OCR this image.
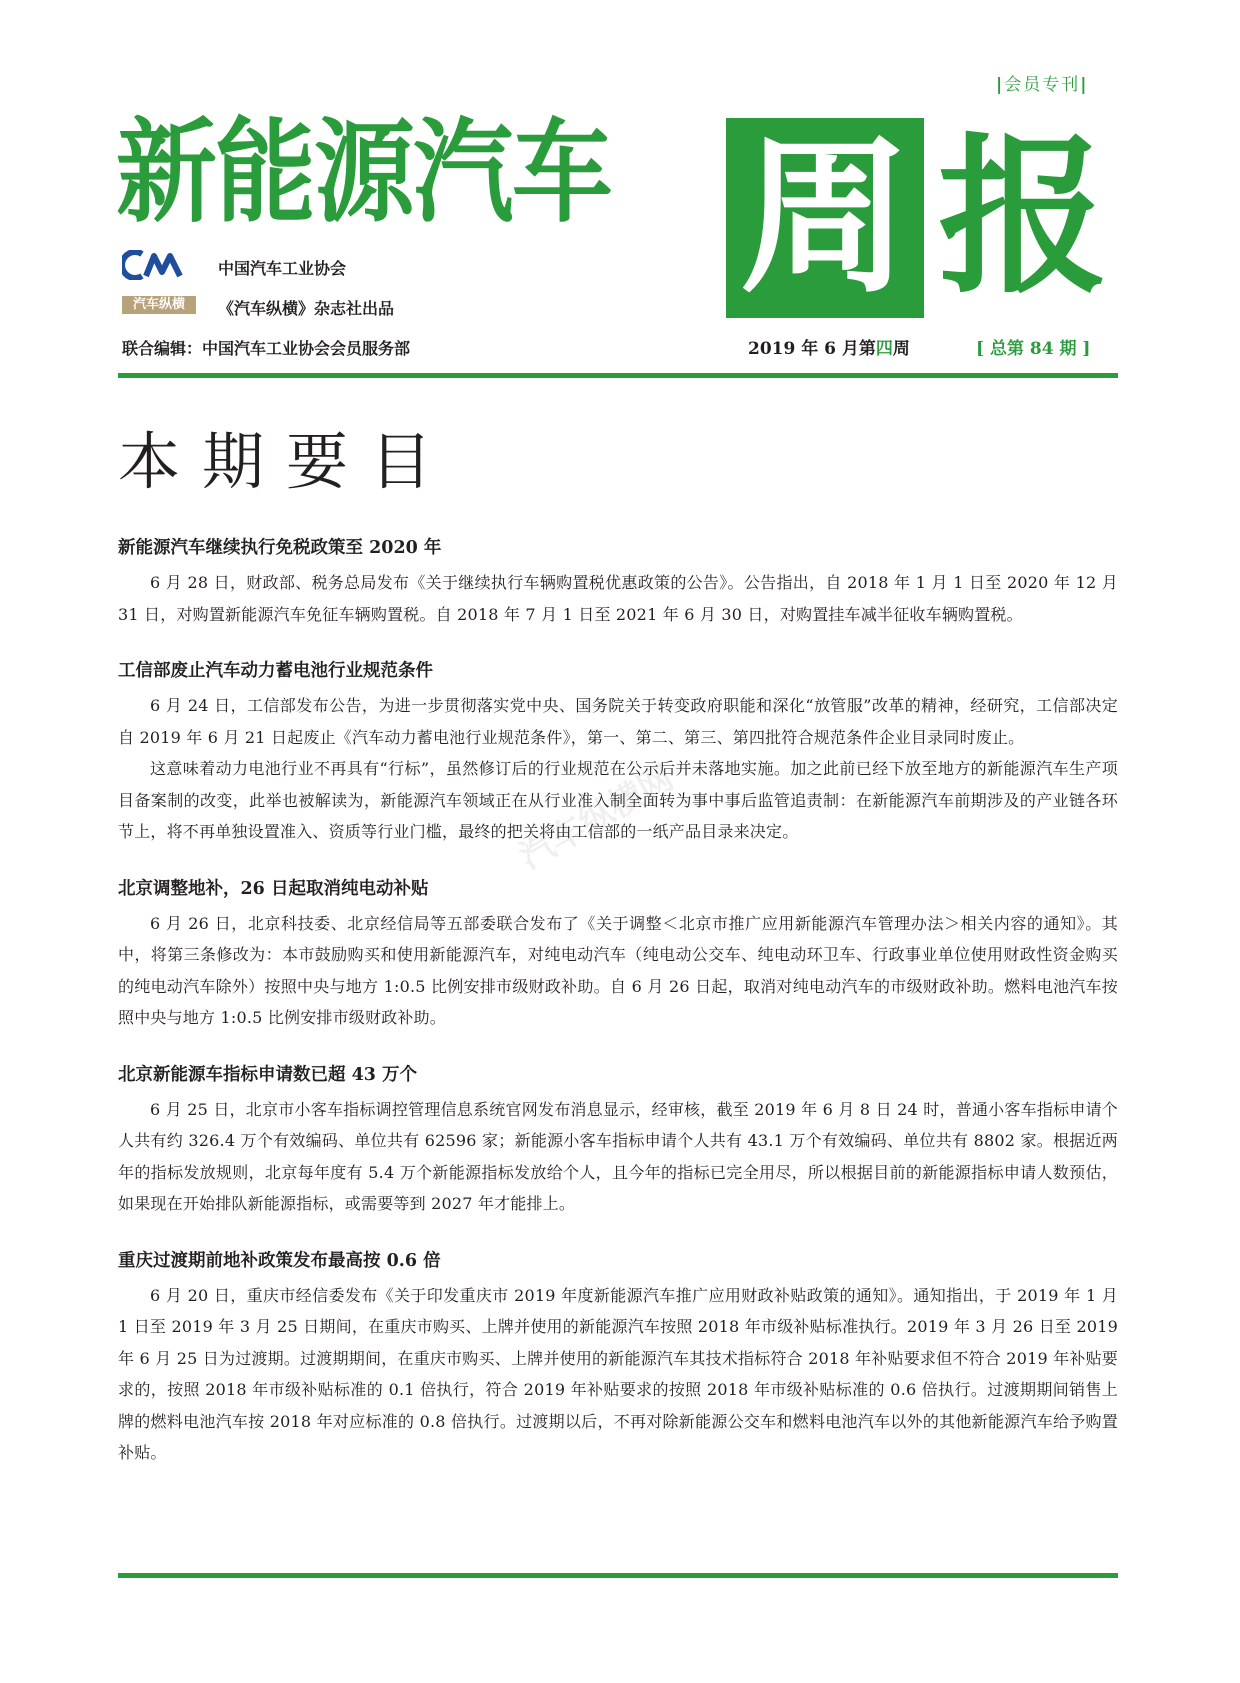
|会员专刊|
新能源汽车 周 报
CM
中国汽车工业协会
汽车纵横	《汽车纵横》杂志社出品
联合编辑：中国汽车工业协会会员服务部	2019 年 6 月第四周	[ 总第 84 期 ]
本期要目
汽车纵横网
新能源汽车继续执行免税政策至 2020 年

6 月 28 日，财政部、税务总局发布《关于继续执行车辆购置税优惠政策的公告》。公告指出，自 2018 年 1 月 1 日至 2020 年 12 月 31 日，对购置新能源汽车免征车辆购置税。自 2018 年 7 月 1 日至 2021 年 6 月 30 日，对购置挂车减半征收车辆购置税。

工信部废止汽车动力蓄电池行业规范条件

6 月 24 日，工信部发布公告，为进一步贯彻落实党中央、国务院关于转变政府职能和深化“放管服”改革的精神，经研究，工信部决定自 2019 年 6 月 21 日起废止《汽车动力蓄电池行业规范条件》，第一、第二、第三、第四批符合规范条件企业目录同时废止。

这意味着动力电池行业不再具有“行标”，虽然修订后的行业规范在公示后并未落地实施。加之此前已经下放至地方的新能源汽车生产项目备案制的改变，此举也被解读为，新能源汽车领域正在从行业准入制全面转为事中事后监管追责制：在新能源汽车前期涉及的产业链各环节上，将不再单独设置准入、资质等行业门槛，最终的把关将由工信部的一纸产品目录来决定。

北京调整地补，26 日起取消纯电动补贴

6 月 26 日，北京科技委、北京经信局等五部委联合发布了《关于调整＜北京市推广应用新能源汽车管理办法＞相关内容的通知》。其中，将第三条修改为：本市鼓励购买和使用新能源汽车，对纯电动汽车（纯电动公交车、纯电动环卫车、行政事业单位使用财政性资金购买的纯电动汽车除外）按照中央与地方 1:0.5 比例安排市级财政补助。自 6 月 26 日起，取消对纯电动汽车的市级财政补助。燃料电池汽车按照中央与地方 1:0.5 比例安排市级财政补助。

北京新能源车指标申请数已超 43 万个

6 月 25 日，北京市小客车指标调控管理信息系统官网发布消息显示，经审核，截至 2019 年 6 月 8 日 24 时，普通小客车指标申请个人共有约 326.4 万个有效编码、单位共有 62596 家；新能源小客车指标申请个人共有 43.1 万个有效编码、单位共有 8802 家。根据近两年的指标发放规则，北京每年度有 5.4 万个新能源指标发放给个人，且今年的指标已完全用尽，所以根据目前的新能源指标申请人数预估，如果现在开始排队新能源指标，或需要等到 2027 年才能排上。

重庆过渡期前地补政策发布最高按 0.6 倍

6 月 20 日，重庆市经信委发布《关于印发重庆市 2019 年度新能源汽车推广应用财政补贴政策的通知》。通知指出，于 2019 年 1 月 1 日至 2019 年 3 月 25 日期间，在重庆市购买、上牌并使用的新能源汽车按照 2018 年市级补贴标准执行。2019 年 3 月 26 日至 2019 年 6 月 25 日为过渡期。过渡期期间，在重庆市购买、上牌并使用的新能源汽车其技术指标符合 2018 年补贴要求但不符合 2019 年补贴要求的，按照 2018 年市级补贴标准的 0.1 倍执行，符合 2019 年补贴要求的按照 2018 年市级补贴标准的 0.6 倍执行。过渡期期间销售上牌的燃料电池汽车按 2018 年对应标准的 0.8 倍执行。过渡期以后，不再对除新能源公交车和燃料电池汽车以外的其他新能源汽车给予购置补贴。
